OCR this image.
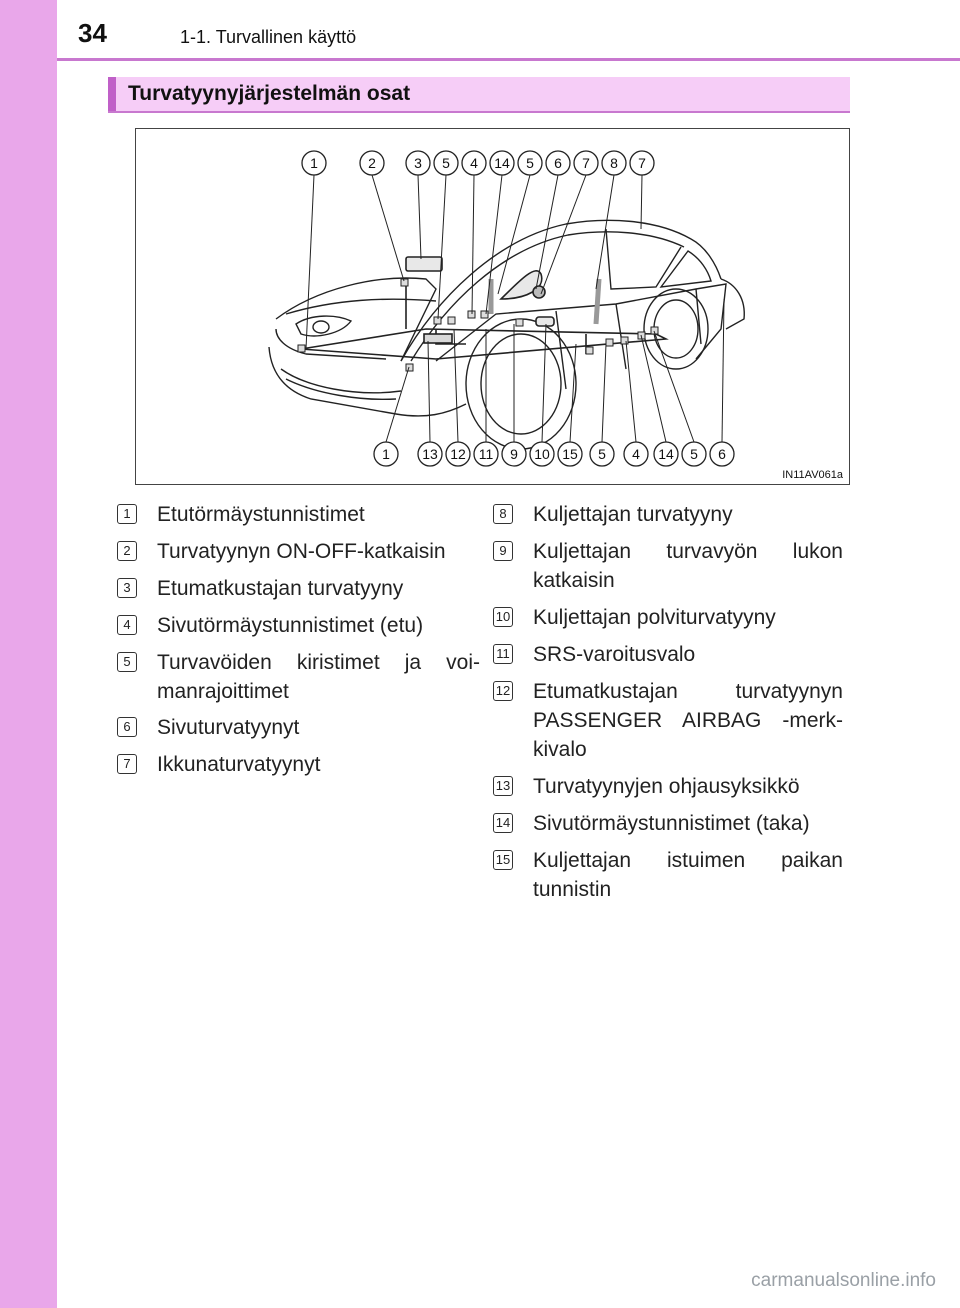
34	1-1. Turvallinen käyttö
Turvatyynyjärjestelmän osat
1	2	3 5 4 14 5 6 7 8 7
1 13 12 11 9 10 15 5 4 14 5 6
IN11AV061a
1	Etutörmäystunnistimet
2	Turvatyynyn ON-OFF-katkaisin
3	Etumatkustajan turvatyyny
4	Sivutörmäystunnistimet (etu)
5	Turvavöiden kiristimet ja voi-manrajoittimet
6	Sivuturvatyynyt
7	Ikkunaturvatyynyt
8	Kuljettajan turvatyyny
9	Kuljettajan turvavyön lukon katkaisin
10 Kuljettajan polviturvatyyny
11 SRS-varoitusvalo
12 Etumatkustajan turvatyynyn PASSENGER AIRBAG -merk-kivalo
13 Turvatyynyjen ohjausyksikkö
14 Sivutörmäystunnistimet (taka)
15 Kuljettajan istuimen paikan tunnistin
carmanualsonline.info
